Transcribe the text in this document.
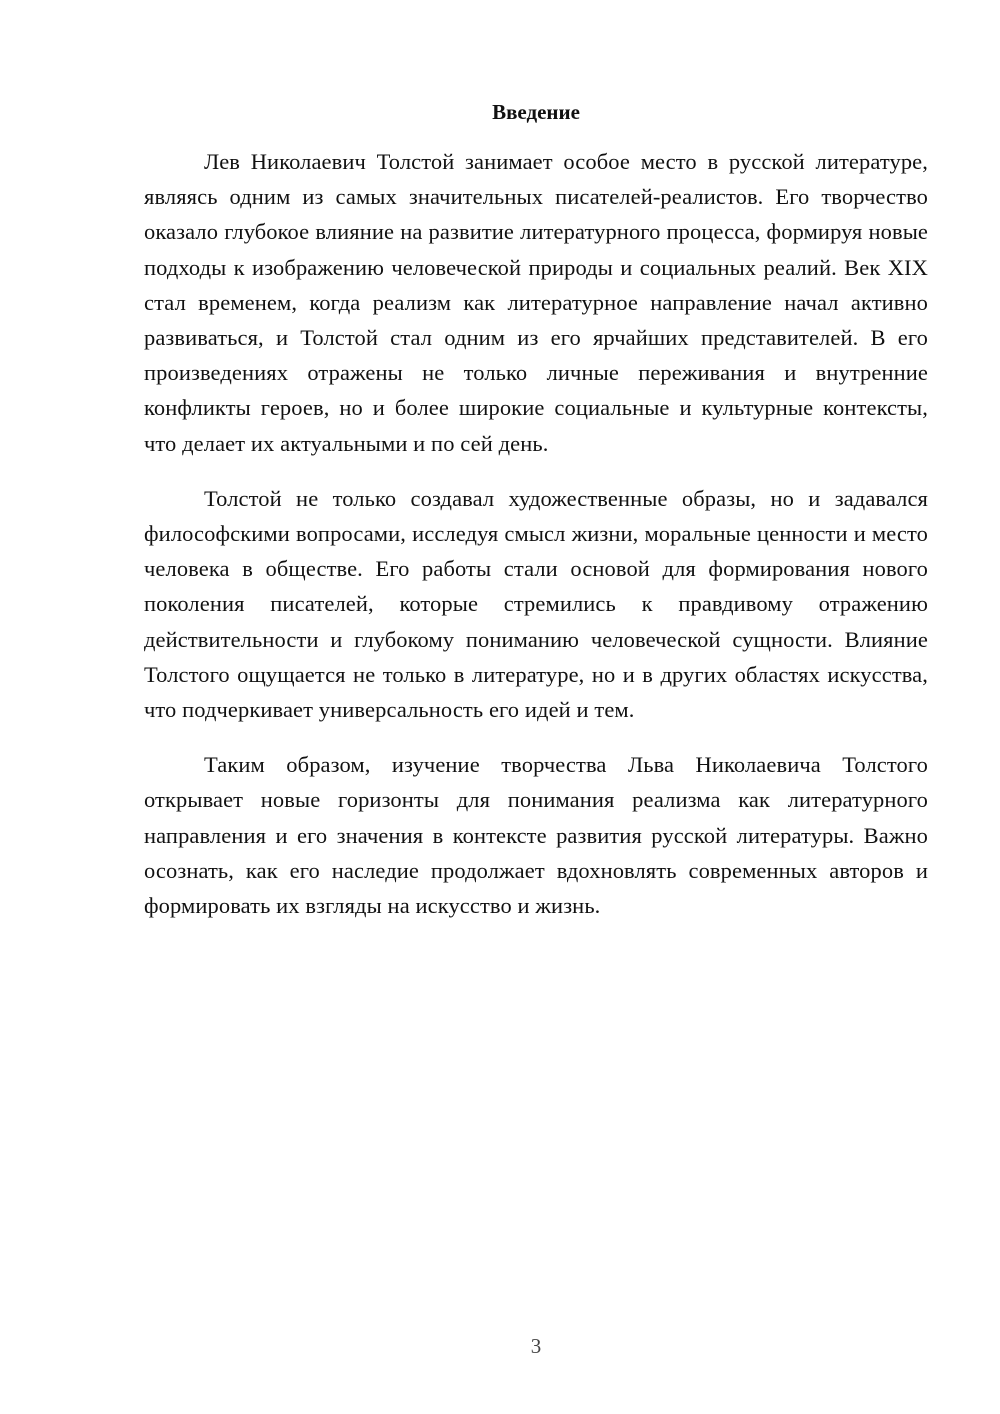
Введение

Лев Николаевич Толстой занимает особое место в русской литературе, являясь одним из самых значительных писателей-реалистов. Его творчество оказало глубокое влияние на развитие литературного процесса, формируя новые подходы к изображению человеческой природы и социальных реалий. Век XIX стал временем, когда реализм как литературное направление начал активно развиваться, и Толстой стал одним из его ярчайших представителей. В его произведениях отражены не только личные переживания и внутренние конфликты героев, но и более широкие социальные и культурные контексты, что делает их актуальными и по сей день.

Толстой не только создавал художественные образы, но и задавался философскими вопросами, исследуя смысл жизни, моральные ценности и место человека в обществе. Его работы стали основой для формирования нового поколения писателей, которые стремились к правдивому отражению действительности и глубокому пониманию человеческой сущности. Влияние Толстого ощущается не только в литературе, но и в других областях искусства, что подчеркивает универсальность его идей и тем.

Таким образом, изучение творчества Льва Николаевича Толстого открывает новые горизонты для понимания реализма как литературного направления и его значения в контексте развития русской литературы. Важно осознать, как его наследие продолжает вдохновлять современных авторов и формировать их взгляды на искусство и жизнь.

3
